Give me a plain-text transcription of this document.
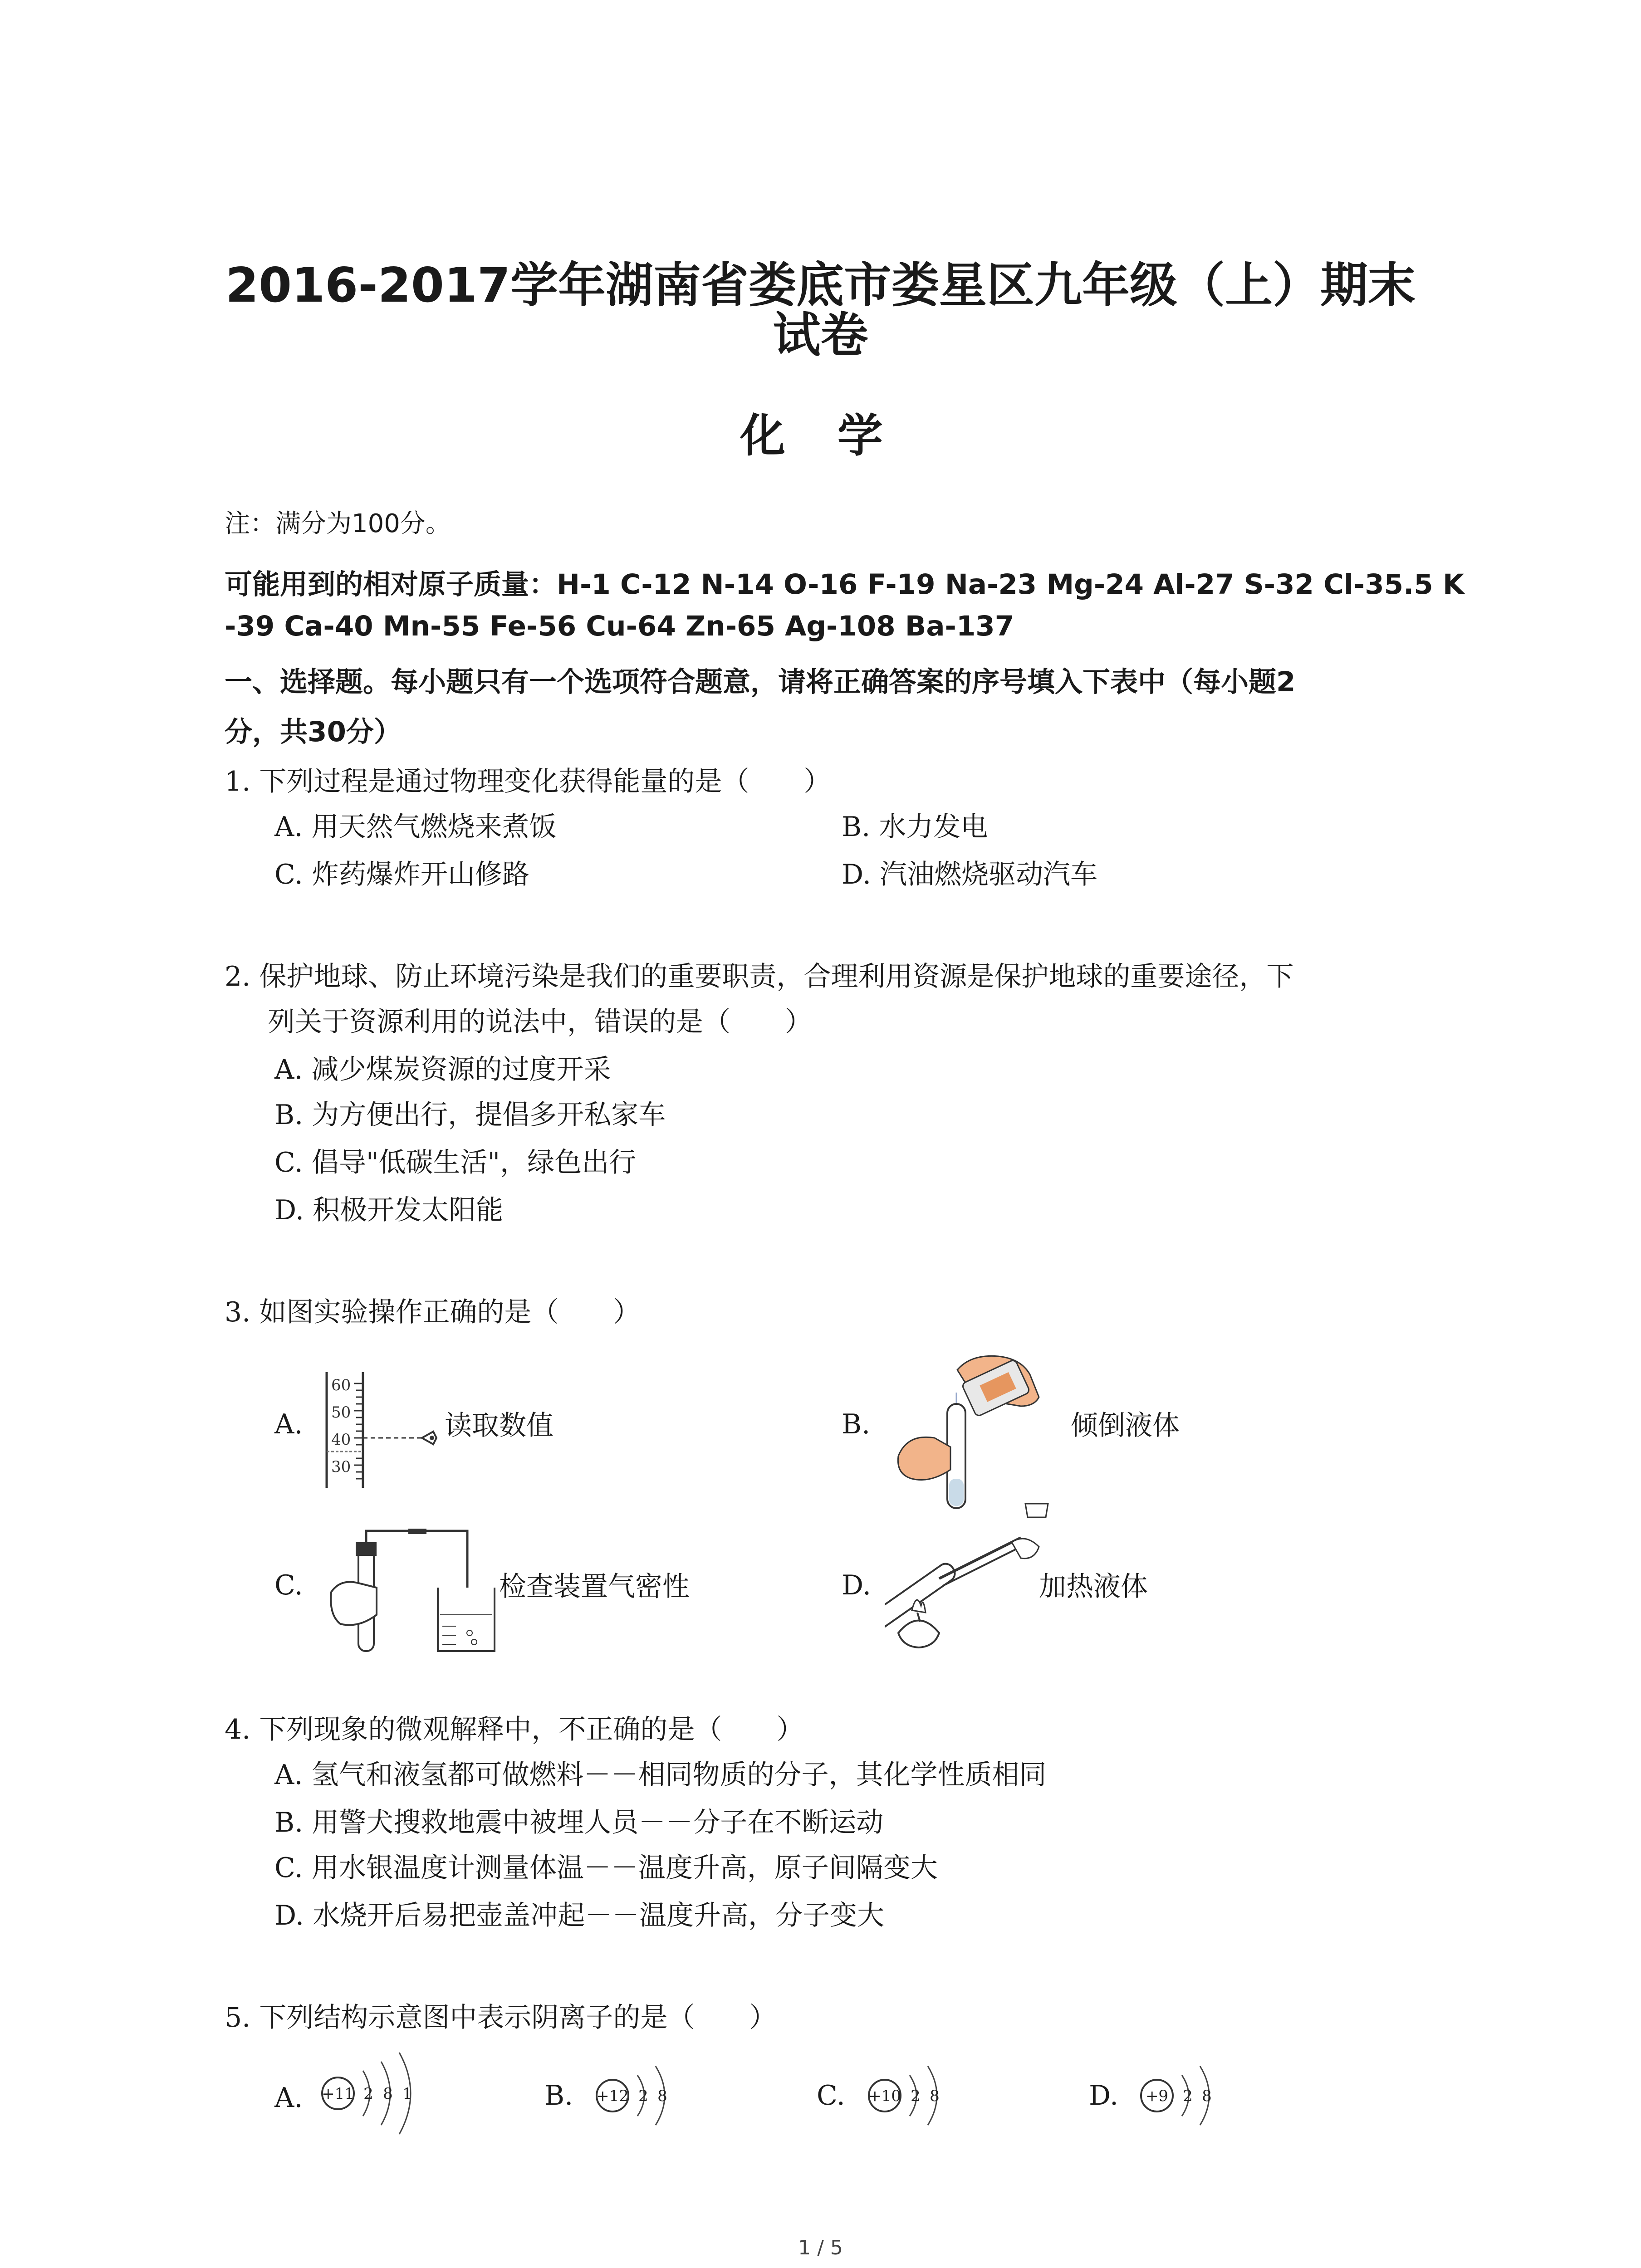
2016-2017学年湖南省娄底市娄星区九年级（上）期末
试卷
化 学
注：满分为100分。
可能用到的相对原子质量：H-1 C-12 N-14 O-16 F-19 Na-23 Mg-24 Al-27 S-32 Cl-35.5 K
-39 Ca-40 Mn-55 Fe-56 Cu-64 Zn-65 Ag-108 Ba-137
一、选择题。每小题只有一个选项符合题意，请将正确答案的序号填入下表中（每小题2
分，共30分）
1. 下列过程是通过物理变化获得能量的是（　　）
A. 用天然气燃烧来煮饭	B. 水力发电
C. 炸药爆炸开山修路	D. 汽油燃烧驱动汽车
2. 保护地球、防止环境污染是我们的重要职责，合理利用资源是保护地球的重要途径，下
列关于资源利用的说法中，错误的是（　　）
A. 减少煤炭资源的过度开采
B. 为方便出行，提倡多开私家车
C. 倡导"低碳生活"，绿色出行
D. 积极开发太阳能
3. 如图实验操作正确的是（　　）
A.
60
50
40
30
读取数值	B.	倾倒液体
C.	检查装置气密性	D.	加热液体
4. 下列现象的微观解释中，不正确的是（　　）
A. 氢气和液氢都可做燃料－－相同物质的分子，其化学性质相同
B. 用警犬搜救地震中被埋人员－－分子在不断运动
C. 用水银温度计测量体温－－温度升高，原子间隔变大
D. 水烧开后易把壶盖冲起－－温度升高，分子变大
5. 下列结构示意图中表示阴离子的是（　　）
A. +11 2 8 1	B. +12 2 8	C. +10 2 8	D. +9 2 8
1 / 5
